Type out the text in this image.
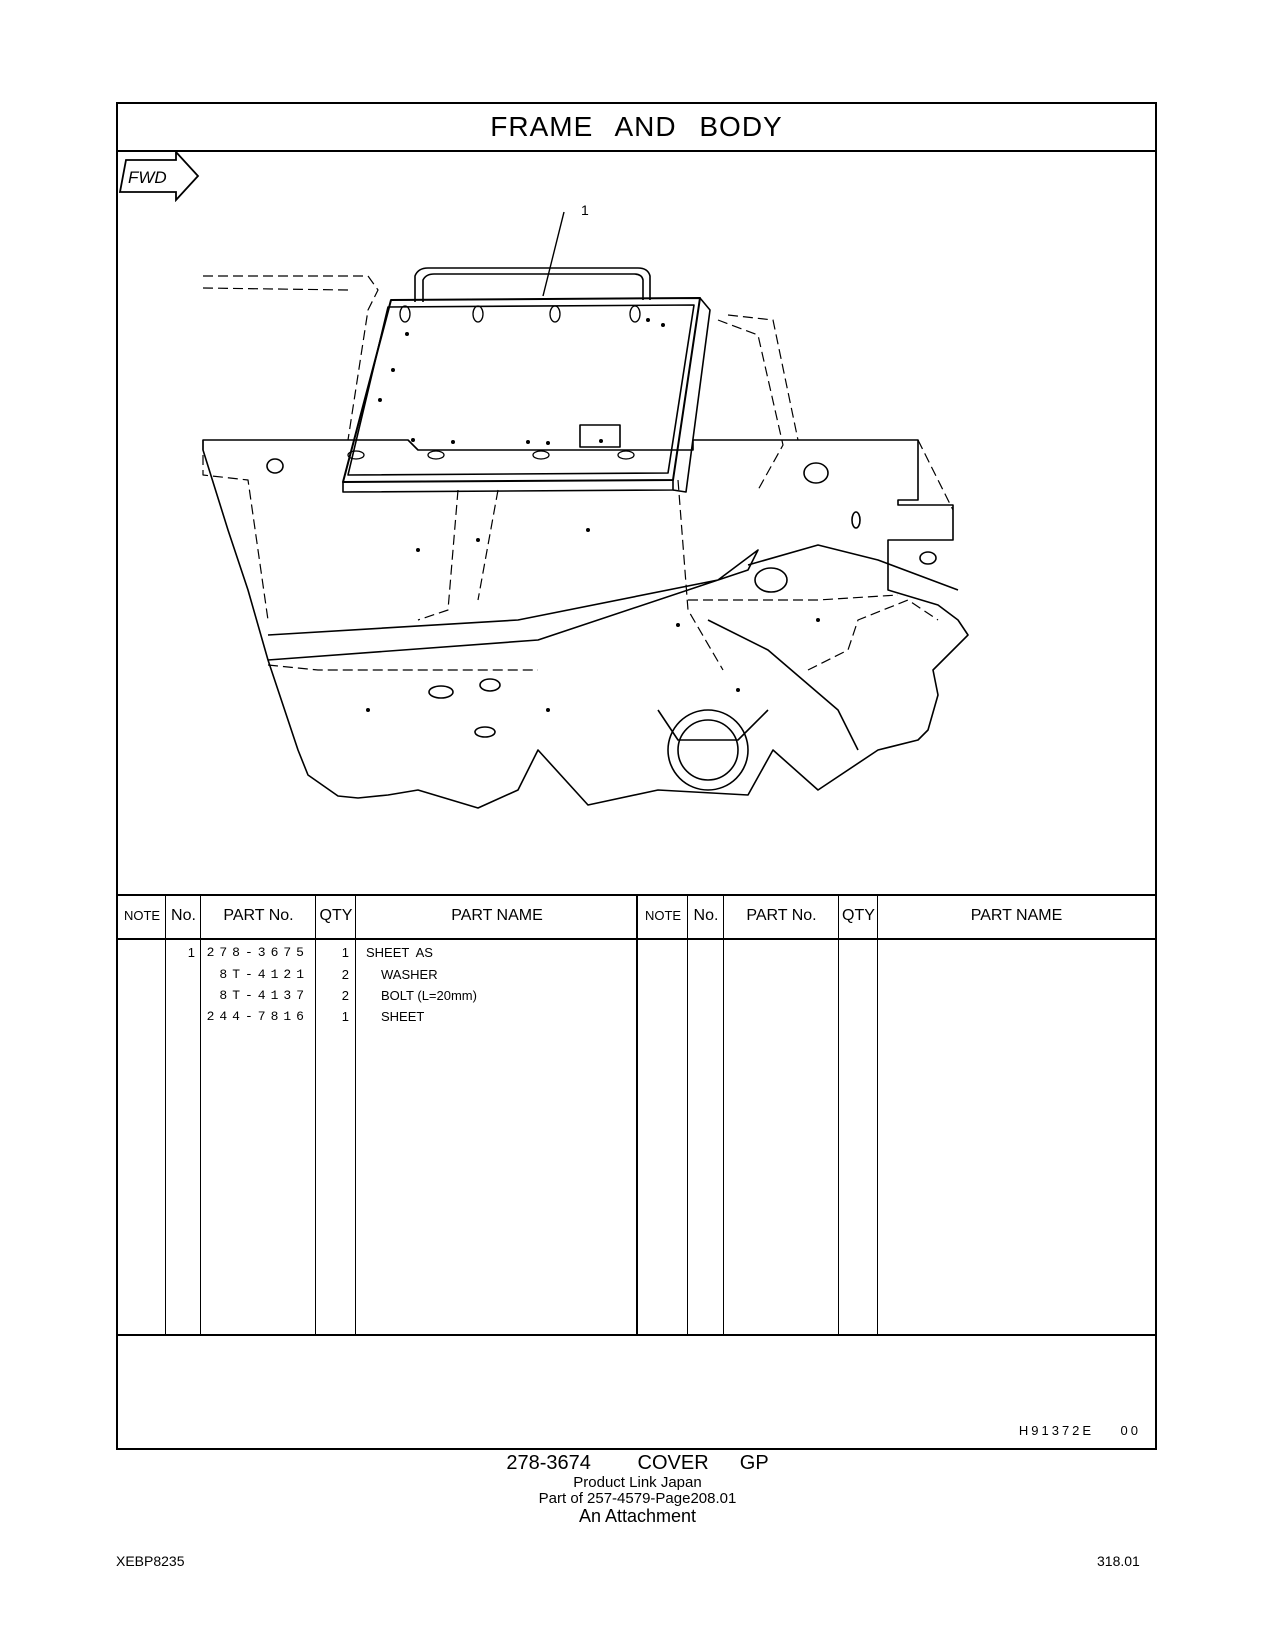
FRAME AND BODY
1
FWD
NOTE No.	PART No.	QTY	PART NAME	NOTE No.	PART No.	QTY	PART NAME
1 278-3675	1 SHEET  AS
8T-4121	2 WASHER
8T-4137	2 BOLT (L=20mm)
244-7816	1 SHEET
H91372E    00
278-3674   COVER  GP
Product Link Japan
Part of 257-4579-Page208.01
An Attachment
XEBP8235	318.01
